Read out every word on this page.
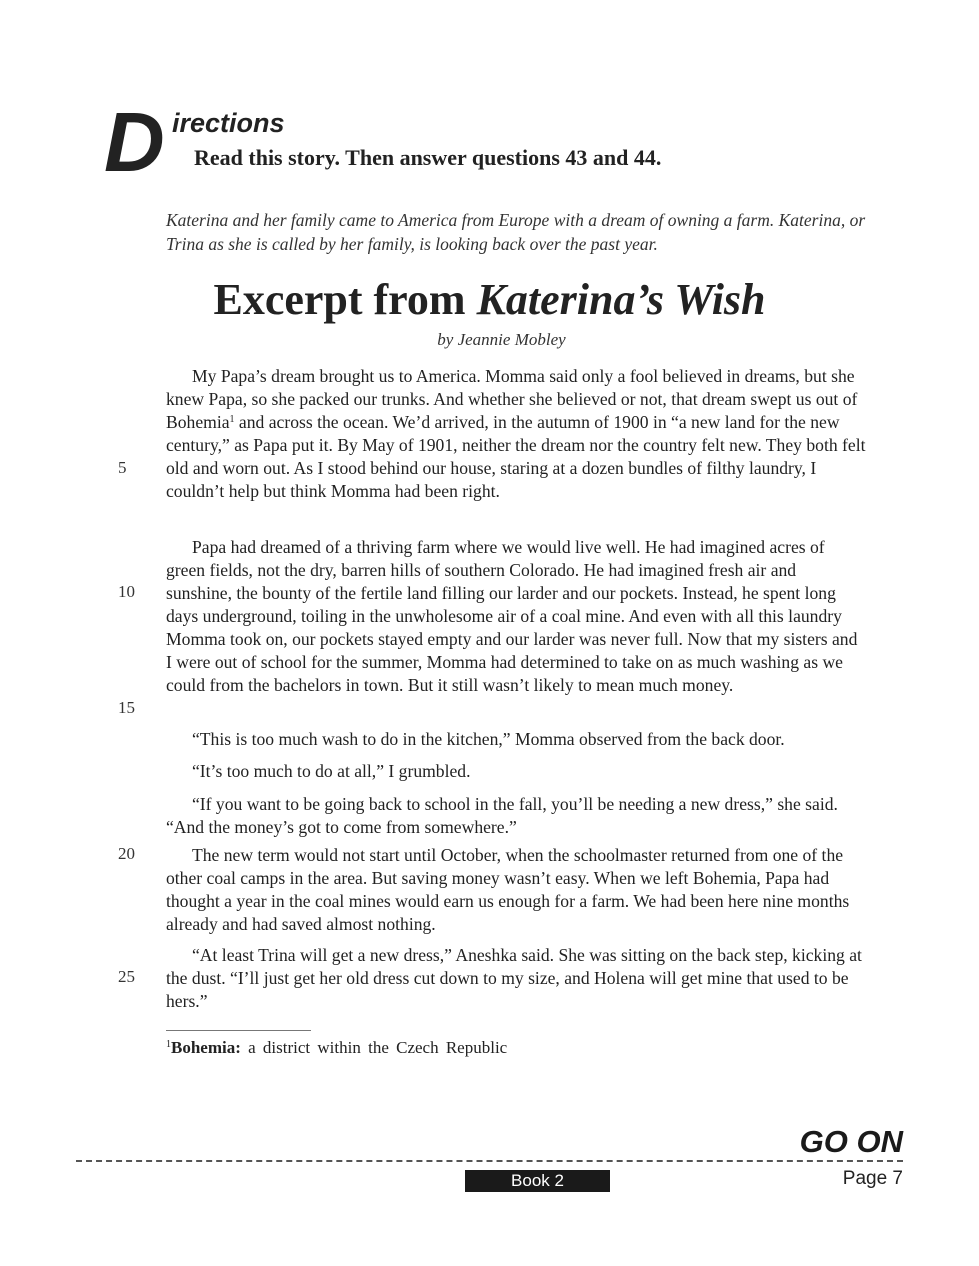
D irections
Read this story. Then answer questions 43 and 44.
Katerina and her family came to America from Europe with a dream of owning a farm. Katerina, or Trina as she is called by her family, is looking back over the past year.
Excerpt from Katerina’s Wish
by Jeannie Mobley
My Papa’s dream brought us to America. Momma said only a fool believed in dreams, but she knew Papa, so she packed our trunks. And whether she believed or not, that dream swept us out of Bohemia$^1$ and across the ocean. We’d arrived, in the autumn of 1900 in “a new land for the new century,” as Papa put it. By May of 1901, neither the dream nor the country felt new. They both felt old and worn out. As I stood behind our house, staring at a dozen bundles of filthy laundry, I couldn’t help but think Momma had been right.
Papa had dreamed of a thriving farm where we would live well. He had imagined acres of green fields, not the dry, barren hills of southern Colorado. He had imagined fresh air and sunshine, the bounty of the fertile land filling our larder and our pockets. Instead, he spent long days underground, toiling in the unwholesome air of a coal mine. And even with all this laundry Momma took on, our pockets stayed empty and our larder was never full. Now that my sisters and I were out of school for the summer, Momma had determined to take on as much washing as we could from the bachelors in town. But it still wasn’t likely to mean much money.
“This is too much wash to do in the kitchen,” Momma observed from the back door.
“It’s too much to do at all,” I grumbled.
“If you want to be going back to school in the fall, you’ll be needing a new dress,” she said. “And the money’s got to come from somewhere.”
The new term would not start until October, when the schoolmaster returned from one of the other coal camps in the area. But saving money wasn’t easy. When we left Bohemia, Papa had thought a year in the coal mines would earn us enough for a farm. We had been here nine months already and had saved almost nothing.
“At least Trina will get a new dress,” Aneshka said. She was sitting on the back step, kicking at the dust. “I’ll just get her old dress cut down to my size, and Holena will get mine that used to be hers.”
5
10
15
20
25
$^1$Bohemia: a district within the Czech Republic
GO ON
Book 2	Page 7
